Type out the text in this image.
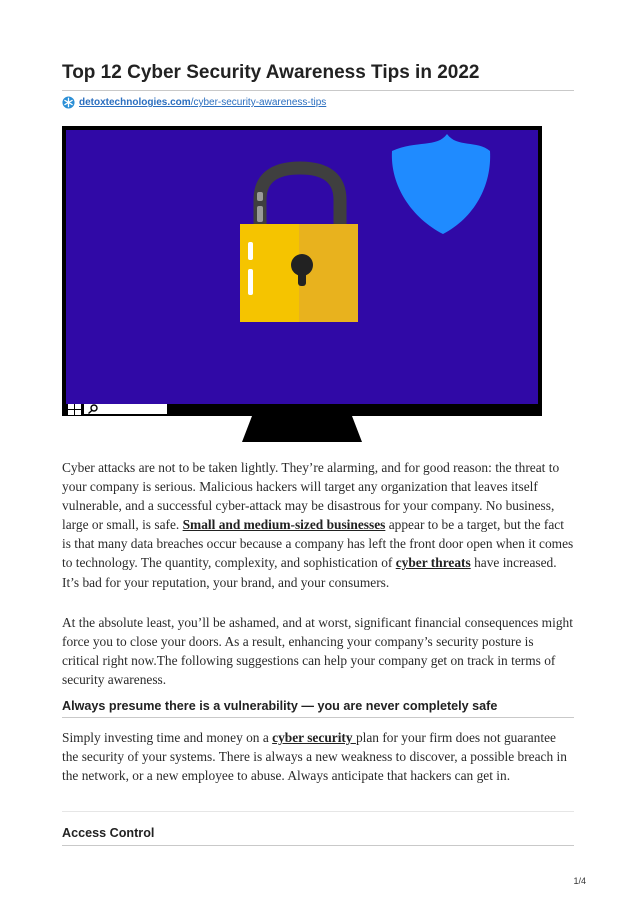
Top 12 Cyber Security Awareness Tips in 2022
detoxtechnologies.com/cyber-security-awareness-tips

Cyber attacks are not to be taken lightly. They’re alarming, and for good reason: the threat to your company is serious. Malicious hackers will target any organization that leaves itself vulnerable, and a successful cyber-attack may be disastrous for your company. No business, large or small, is safe. Small and medium-sized businesses appear to be a target, but the fact is that many data breaches occur because a company has left the front door open when it comes to technology. The quantity, complexity, and sophistication of cyber threats have increased. It’s bad for your reputation, your brand, and your consumers.

At the absolute least, you’ll be ashamed, and at worst, significant financial consequences might force you to close your doors. As a result, enhancing your company’s security posture is critical right now.The following suggestions can help your company get on track in terms of security awareness.

Always presume there is a vulnerability — you are never completely safe

Simply investing time and money on a cyber security plan for your firm does not guarantee the security of your systems. There is always a new weakness to discover, a possible breach in the network, or a new employee to abuse. Always anticipate that hackers can get in.

Access Control
1/4
